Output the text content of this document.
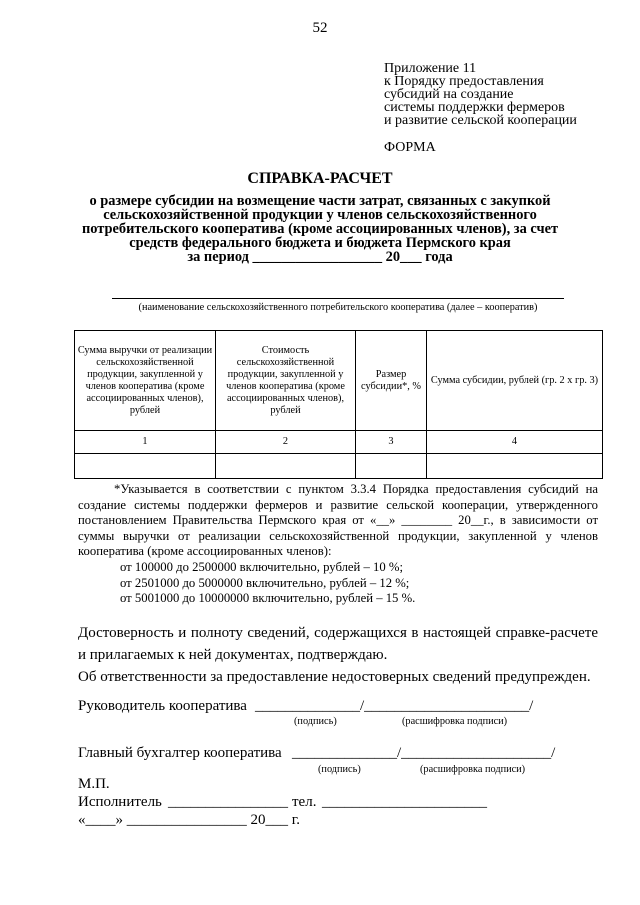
52
Приложение 11
к Порядку предоставления
субсидий на создание
системы поддержки фермеров
и развитие сельской кооперации
ФОРМА
СПРАВКА-РАСЧЕТ
о размере субсидии на возмещение части затрат, связанных с закупкой
сельскохозяйственной продукции у членов сельскохозяйственного
потребительского кооператива (кроме ассоциированных членов), за счет
средств федерального бюджета и бюджета Пермского края
за период __________________ 20___ года
(наименование сельскохозяйственного потребительского кооператива (далее – кооператив)
Сумма выручки от реализации сельскохозяйственной продукции, закупленной у членов кооператива (кроме ассоциированных членов), рублей	Стоимость сельскохозяйственной продукции, закупленной у членов кооператива (кроме ассоциированных членов), рублей	Размер субсидии*, %	Сумма субсидии, рублей (гр. 2 х гр. 3)
1	2	3	4

*Указывается в соответствии с пунктом 3.3.4 Порядка предоставления субсидий на создание системы поддержки фермеров и развитие сельской кооперации, утвержденного постановлением Правительства Пермского края от «__» ________ 20__г., в зависимости от суммы выручки от реализации сельскохозяйственной продукции, закупленной у членов кооператива (кроме ассоциированных членов):

от 100000 до 2500000 включительно, рублей – 10 %;

от 2501000 до 5000000 включительно, рублей – 12 %;

от 5001000 до 10000000 включительно, рублей – 15 %.

Достоверность и полноту сведений, содержащихся в настоящей справке-расчете и прилагаемых к ней документах, подтверждаю.

Об ответственности за предоставление недостоверных сведений предупрежден.

Руководитель кооператива ______________/______________________/
(подпись)	(расшифровка подписи)
Главный бухгалтер кооператива ______________/____________________/
(подпись)	(расшифровка подписи)
М.П.
Исполнитель ________________ тел. ______________________
«____» ________________ 20___ г.
